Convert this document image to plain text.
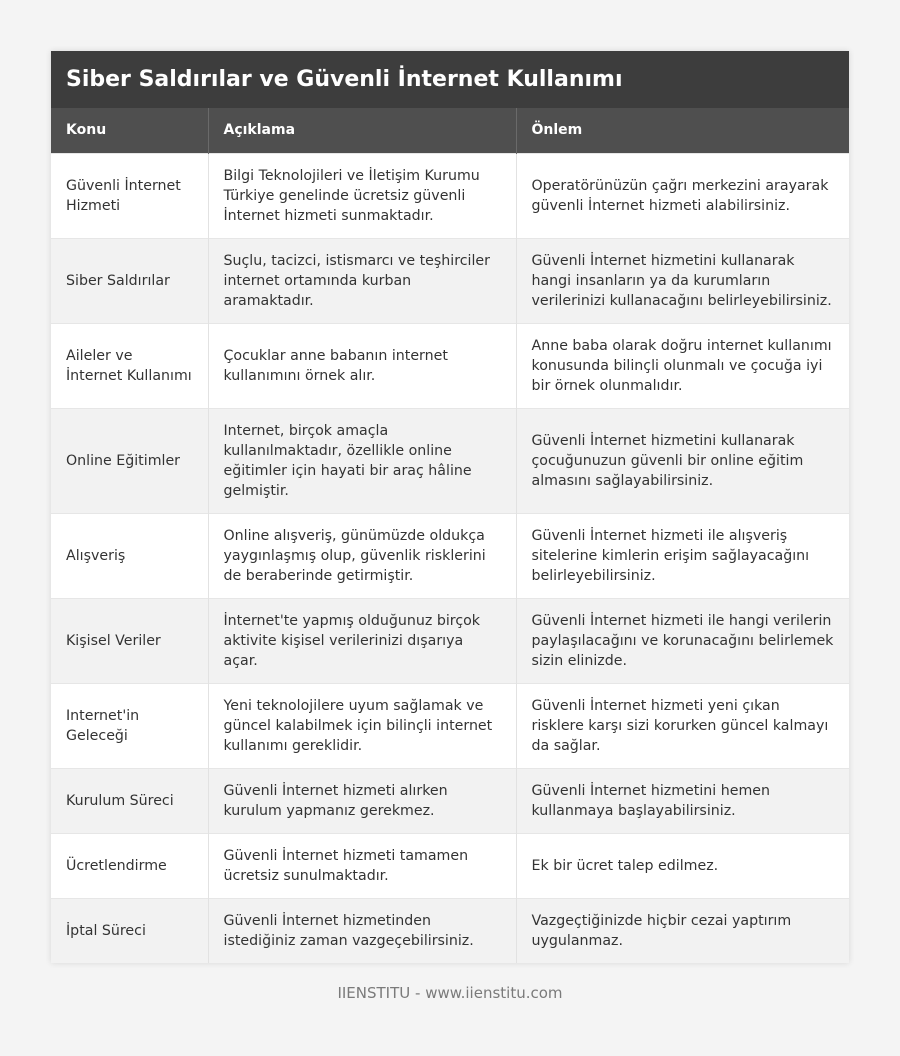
Siber Saldırılar ve Güvenli İnternet Kullanımı
Konu	Açıklama	Önlem
Güvenli İnternet Hizmeti	Bilgi Teknolojileri ve İletişim Kurumu Türkiye genelinde ücretsiz güvenli İnternet hizmeti sunmaktadır.	Operatörünüzün çağrı merkezini arayarak güvenli İnternet hizmeti alabilirsiniz.
Siber Saldırılar	Suçlu, tacizci, istismarcı ve teşhirciler internet ortamında kurban aramaktadır.	Güvenli İnternet hizmetini kullanarak hangi insanların ya da kurumların verilerinizi kullanacağını belirleyebilirsiniz.
Aileler ve İnternet Kullanımı	Çocuklar anne babanın internet kullanımını örnek alır.	Anne baba olarak doğru internet kullanımı konusunda bilinçli olunmalı ve çocuğa iyi bir örnek olunmalıdır.
Online Eğitimler	Internet, birçok amaçla kullanılmaktadır, özellikle online eğitimler için hayati bir araç hâline gelmiştir.	Güvenli İnternet hizmetini kullanarak çocuğunuzun güvenli bir online eğitim almasını sağlayabilirsiniz.
Alışveriş	Online alışveriş, günümüzde oldukça yaygınlaşmış olup, güvenlik risklerini de beraberinde getirmiştir.	Güvenli İnternet hizmeti ile alışveriş sitelerine kimlerin erişim sağlayacağını belirleyebilirsiniz.
Kişisel Veriler	İnternet'te yapmış olduğunuz birçok aktivite kişisel verilerinizi dışarıya açar.	Güvenli İnternet hizmeti ile hangi verilerin paylaşılacağını ve korunacağını belirlemek sizin elinizde.
Internet'in Geleceği	Yeni teknolojilere uyum sağlamak ve güncel kalabilmek için bilinçli internet kullanımı gereklidir.	Güvenli İnternet hizmeti yeni çıkan risklere karşı sizi korurken güncel kalmayı da sağlar.
Kurulum Süreci	Güvenli İnternet hizmeti alırken kurulum yapmanız gerekmez.	Güvenli İnternet hizmetini hemen kullanmaya başlayabilirsiniz.
Ücretlendirme	Güvenli İnternet hizmeti tamamen ücretsiz sunulmaktadır.	Ek bir ücret talep edilmez.
İptal Süreci	Güvenli İnternet hizmetinden istediğiniz zaman vazgeçebilirsiniz.	Vazgeçtiğinizde hiçbir cezai yaptırım uygulanmaz.
IIENSTITU - www.iienstitu.com
